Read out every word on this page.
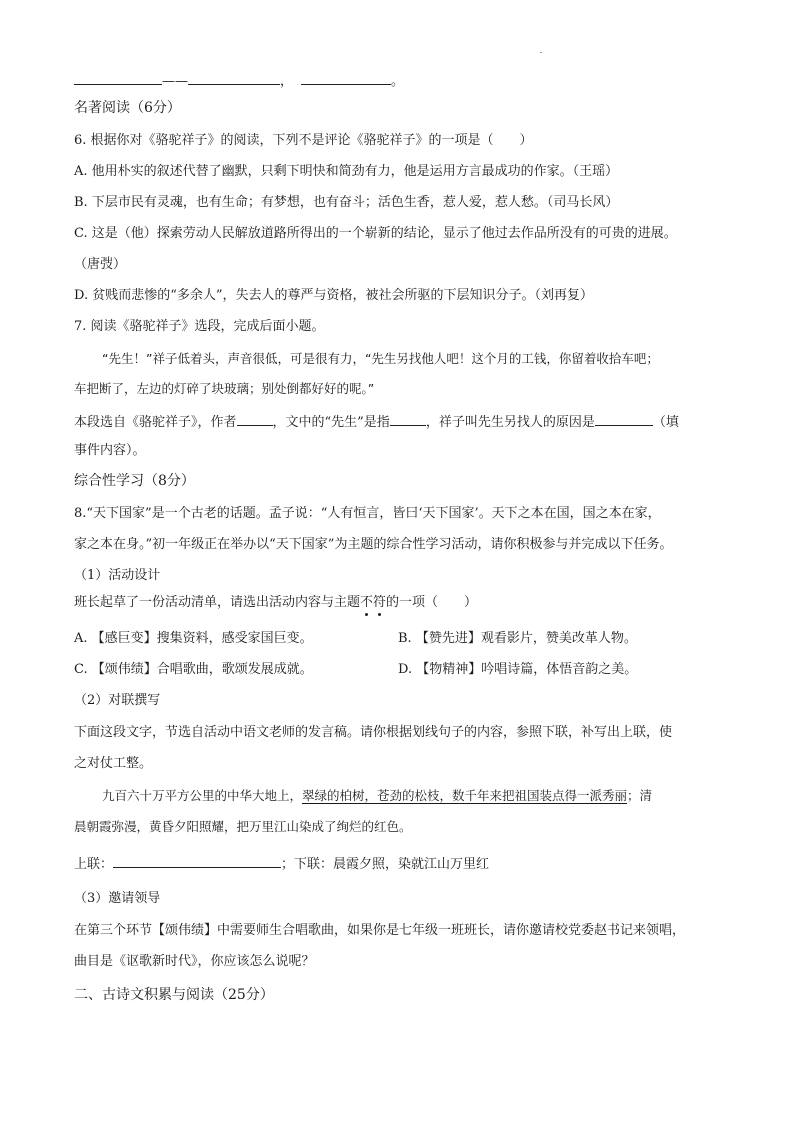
——	，	。
名著阅读（6分）
6. 根据你对《骆驼祥子》的阅读，下列不是评论《骆驼祥子》的一项是（　　）
A. 他用朴实的叙述代替了幽默，只剩下明快和简劲有力，他是运用方言最成功的作家。（王瑶）
B. 下层市民有灵魂，也有生命；有梦想，也有奋斗；活色生香，惹人爱，惹人愁。（司马长风）
C. 这是（他）探索劳动人民解放道路所得出的一个崭新的结论，显示了他过去作品所没有的可贵的进展。
（唐弢）
D. 贫贱而悲惨的“多余人”，失去人的尊严与资格，被社会所驱的下层知识分子。（刘再复）
7. 阅读《骆驼祥子》选段，完成后面小题。
“先生！”祥子低着头，声音很低，可是很有力，“先生另找他人吧！这个月的工钱，你留着收拾车吧；
车把断了，左边的灯碎了块玻璃；别处倒都好好的呢。”
本段选自《骆驼祥子》，作者	，文中的“先生”是指	，祥子叫先生另找人的原因是	（填
事件内容）。
综合性学习（8分）
8.“天下国家”是一个古老的话题。孟子说：“人有恒言，皆曰‘天下国家’。天下之本在国，国之本在家，
家之本在身。”初一年级正在举办以“天下国家”为主题的综合性学习活动，请你积极参与并完成以下任务。
（1）活动设计
班长起草了一份活动清单，请选出活动内容与主题不符的一项（　　）
A. 【感巨变】搜集资料，感受家国巨变。	B. 【赞先进】观看影片，赞美改革人物。
C. 【颂伟绩】合唱歌曲，歌颂发展成就。	D. 【物精神】吟唱诗篇，体悟音韵之美。
（2）对联撰写
下面这段文字，节选自活动中语文老师的发言稿。请你根据划线句子的内容，参照下联，补写出上联，使
之对仗工整。
九百六十万平方公里的中华大地上，翠绿的柏树，苍劲的松枝，数千年来把祖国装点得一派秀丽；清
晨朝霞弥漫，黄昏夕阳照耀，把万里江山染成了绚烂的红色。
上联：	；下联：晨霞夕照，染就江山万里红
（3）邀请领导
在第三个环节【颂伟绩】中需要师生合唱歌曲，如果你是七年级一班班长，请你邀请校党委赵书记来领唱，
曲目是《讴歌新时代》，你应该怎么说呢？
二、古诗文积累与阅读（25分）
